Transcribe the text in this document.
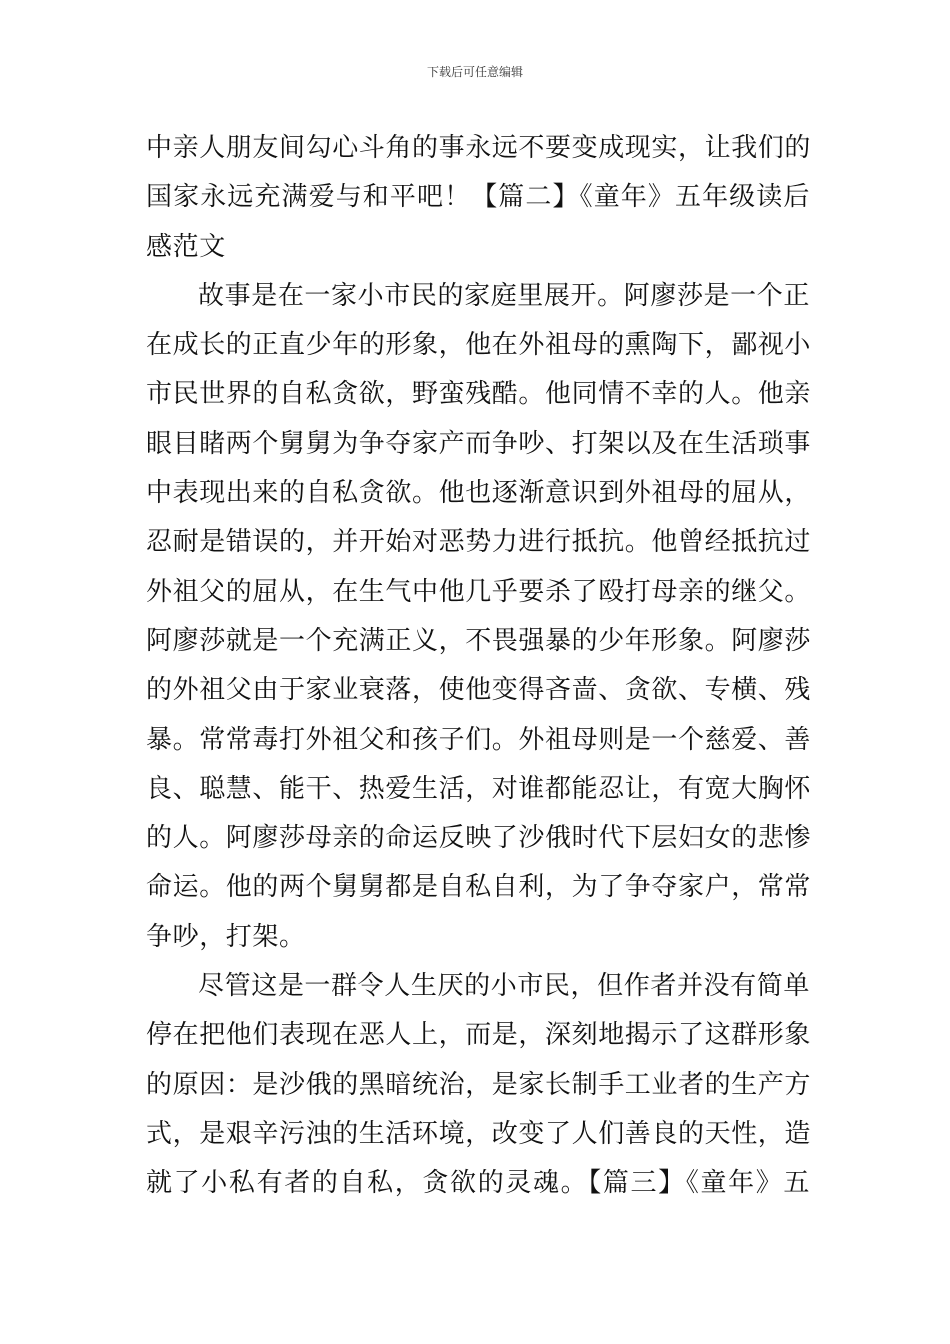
下载后可任意编辑
中亲人朋友间勾心斗角的事永远不要变成现实，让我们的
国家永远充满爱与和平吧！【篇二】《童年》五年级读后
感范文
故事是在一家小市民的家庭里展开。阿廖莎是一个正
在成长的正直少年的形象，他在外祖母的熏陶下，鄙视小
市民世界的自私贪欲，野蛮残酷。他同情不幸的人。他亲
眼目睹两个舅舅为争夺家产而争吵、打架以及在生活琐事
中表现出来的自私贪欲。他也逐渐意识到外祖母的屈从，
忍耐是错误的，并开始对恶势力进行抵抗。他曾经抵抗过
外祖父的屈从，在生气中他几乎要杀了殴打母亲的继父。
阿廖莎就是一个充满正义，不畏强暴的少年形象。阿廖莎
的外祖父由于家业衰落，使他变得吝啬、贪欲、专横、残
暴。常常毒打外祖父和孩子们。外祖母则是一个慈爱、善
良、聪慧、能干、热爱生活，对谁都能忍让，有宽大胸怀
的人。阿廖莎母亲的命运反映了沙俄时代下层妇女的悲惨
命运。他的两个舅舅都是自私自利，为了争夺家户，常常
争吵，打架。
尽管这是一群令人生厌的小市民，但作者并没有简单
停在把他们表现在恶人上，而是，深刻地揭示了这群形象
的原因：是沙俄的黑暗统治，是家长制手工业者的生产方
式，是艰辛污浊的生活环境，改变了人们善良的天性，造
就了小私有者的自私，贪欲的灵魂。【篇三】《童年》五
